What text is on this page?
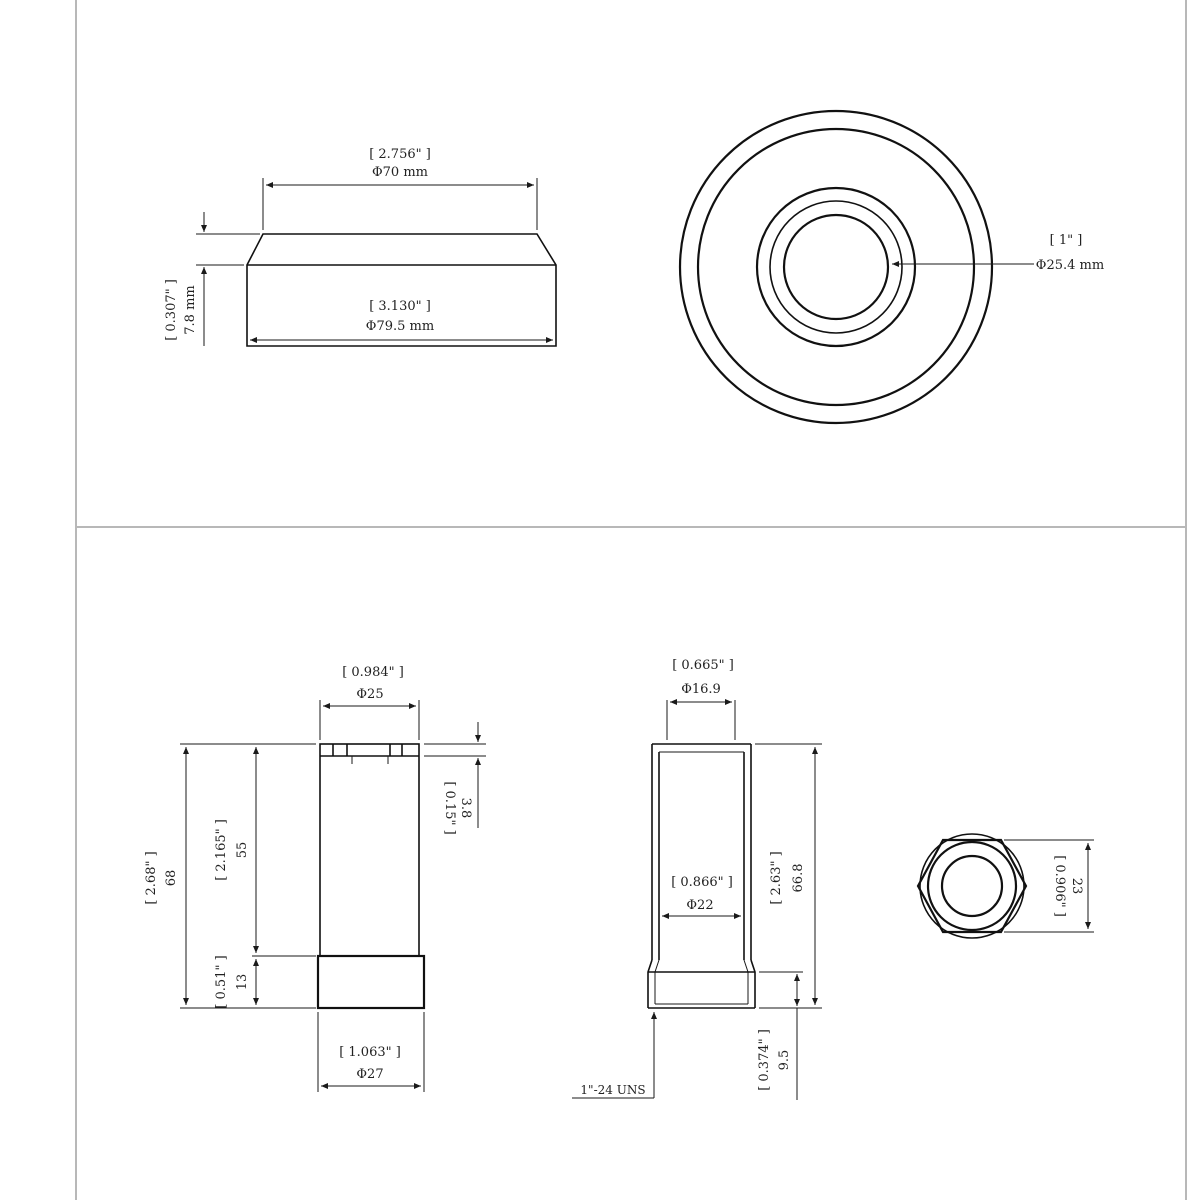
[ 2.756" ]
Φ70 mm
[ 3.130" ]
Φ79.5 mm
[ 0.307" ] 7.8 mm
[ 1" ]
Φ25.4 mm
[ 0.984" ]
Φ25
[ 0.15" ] 3.8
[ 2.68" ] 68	[ 2.165" ] 55
[ 0.51" ] 13
[ 1.063" ]
Φ27
[ 0.665" ]
Φ16.9
[ 0.866" ]
Φ22
[ 2.63" ] 66.8
[ 0.374" ] 9.5
1"-24 UNS
[ 0.906" ] 23
